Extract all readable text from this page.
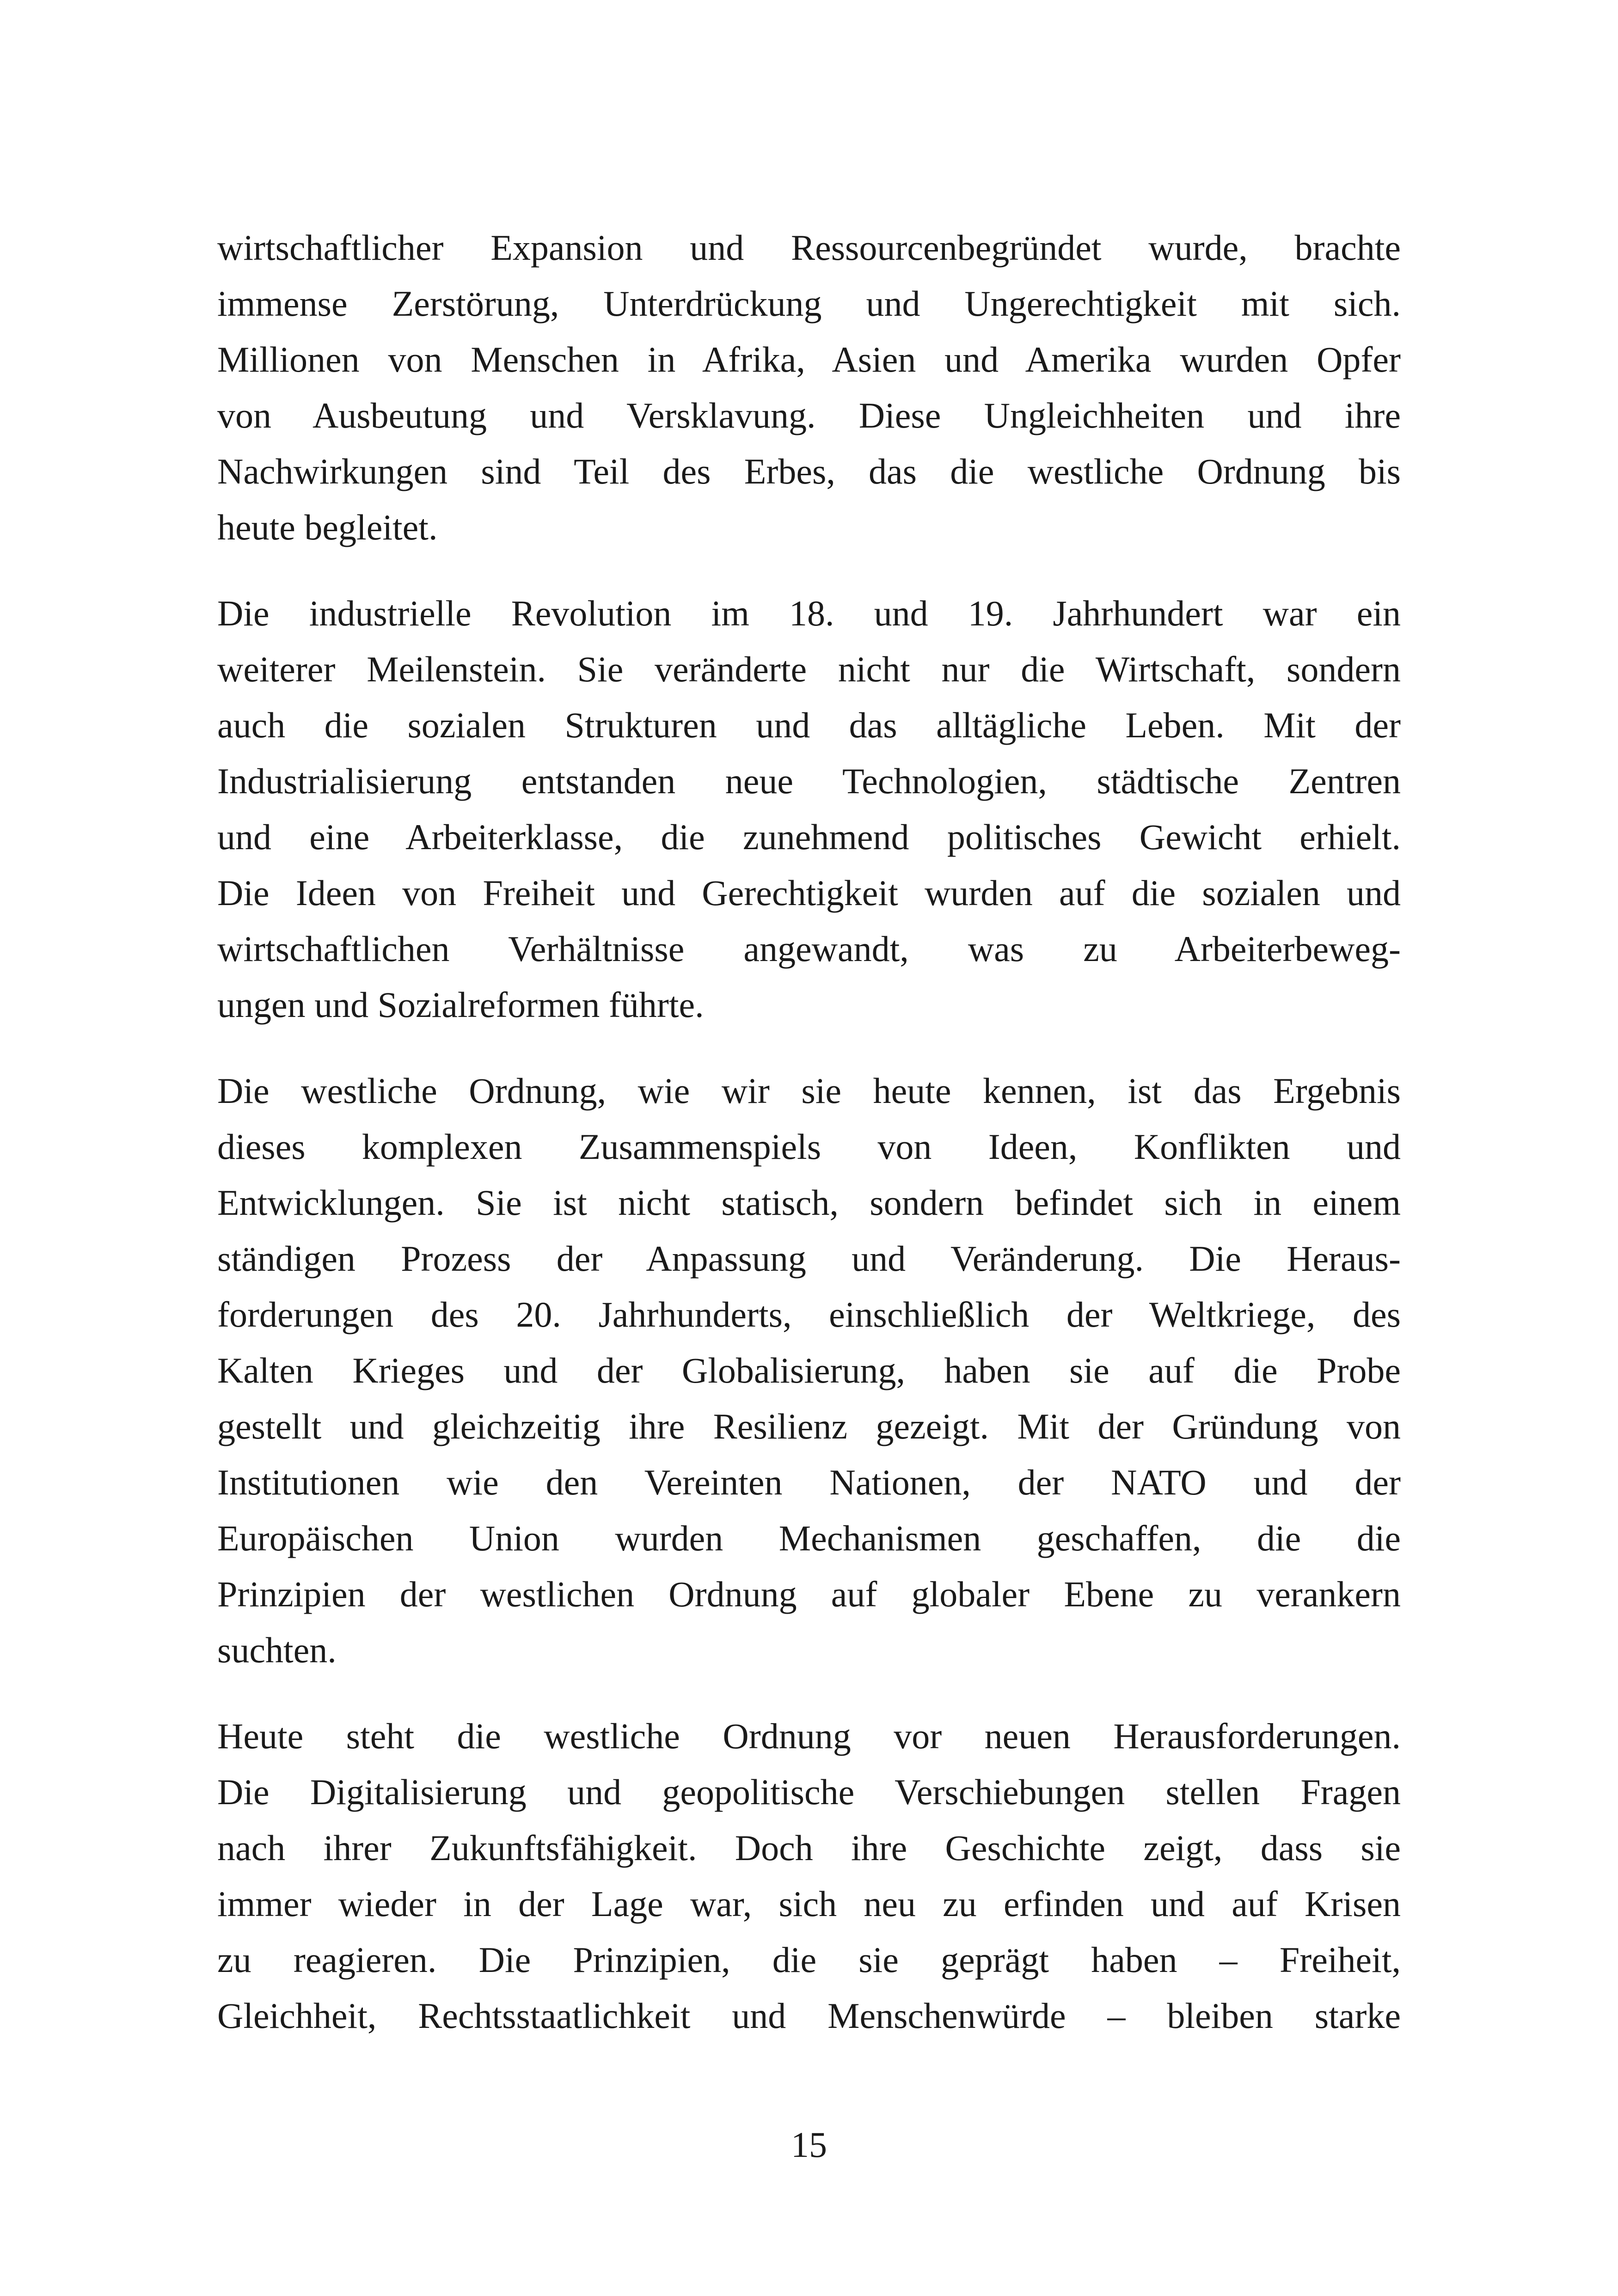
wirtschaftlicher Expansion und Ressourcenbegründet wurde, brachte
immense Zerstörung, Unterdrückung und Ungerechtigkeit mit sich.
Millionen von Menschen in Afrika, Asien und Amerika wurden Opfer
von Ausbeutung und Versklavung. Diese Ungleichheiten und ihre
Nachwirkungen sind Teil des Erbes, das die westliche Ordnung bis
heute begleitet.

Die industrielle Revolution im 18. und 19. Jahrhundert war ein
weiterer Meilenstein. Sie veränderte nicht nur die Wirtschaft, sondern
auch die sozialen Strukturen und das alltägliche Leben. Mit der
Industrialisierung entstanden neue Technologien, städtische Zentren
und eine Arbeiterklasse, die zunehmend politisches Gewicht erhielt.
Die Ideen von Freiheit und Gerechtigkeit wurden auf die sozialen und
wirtschaftlichen Verhältnisse angewandt, was zu Arbeiterbeweg-
ungen und Sozialreformen führte.

Die westliche Ordnung, wie wir sie heute kennen, ist das Ergebnis
dieses komplexen Zusammenspiels von Ideen, Konflikten und
Entwicklungen. Sie ist nicht statisch, sondern befindet sich in einem
ständigen Prozess der Anpassung und Veränderung. Die Heraus-
forderungen des 20. Jahrhunderts, einschließlich der Weltkriege, des
Kalten Krieges und der Globalisierung, haben sie auf die Probe
gestellt und gleichzeitig ihre Resilienz gezeigt. Mit der Gründung von
Institutionen wie den Vereinten Nationen, der NATO und der
Europäischen Union wurden Mechanismen geschaffen, die die
Prinzipien der westlichen Ordnung auf globaler Ebene zu verankern
suchten.

Heute steht die westliche Ordnung vor neuen Herausforderungen.
Die Digitalisierung und geopolitische Verschiebungen stellen Fragen
nach ihrer Zukunftsfähigkeit. Doch ihre Geschichte zeigt, dass sie
immer wieder in der Lage war, sich neu zu erfinden und auf Krisen
zu reagieren. Die Prinzipien, die sie geprägt haben – Freiheit,
Gleichheit, Rechtsstaatlichkeit und Menschenwürde – bleiben starke

15
